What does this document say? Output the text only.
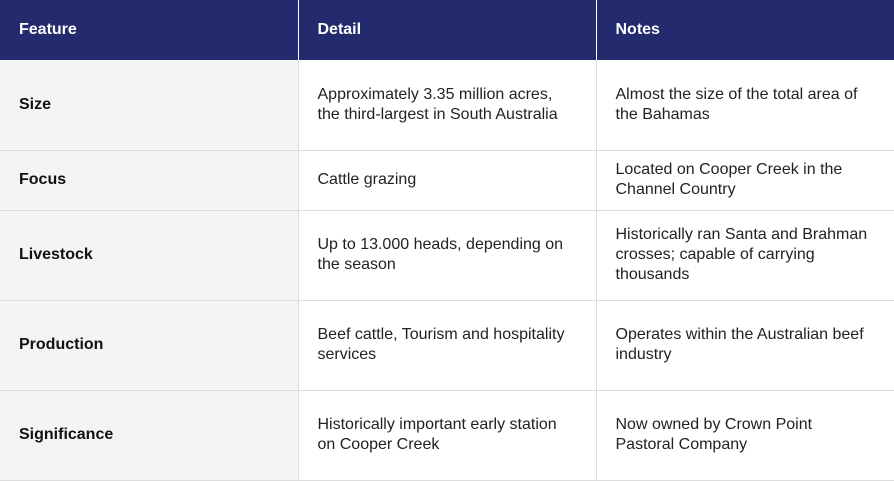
Feature	Detail	Notes
Size	Approximately 3.35 million acres, the third-largest in South Australia	Almost the size of the total area of the Bahamas
Focus	Cattle grazing	Located on Cooper Creek in the Channel Country
Livestock	Up to 13.000 heads, depending on the season	Historically ran Santa and Brahman crosses; capable of carrying thousands
Production	Beef cattle, Tourism and hospitality services	Operates within the Australian beef industry
Significance	Historically important early station on Cooper Creek	Now owned by Crown Point Pastoral Company
